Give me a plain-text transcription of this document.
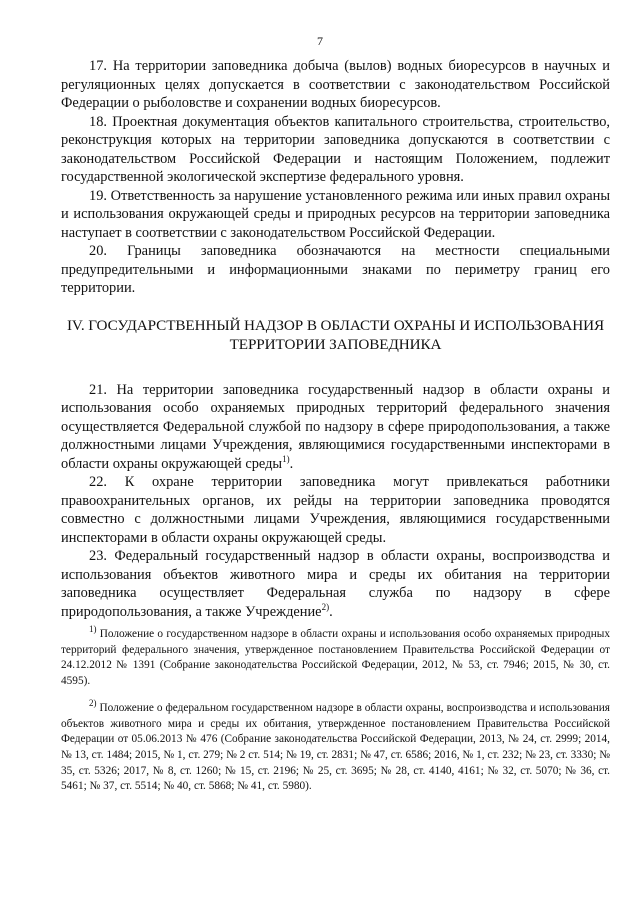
7

17. На территории заповедника добыча (вылов) водных биоресурсов в научных и регуляционных целях допускается в соответствии с законодательством Российской Федерации о рыболовстве и сохранении водных биоресурсов.

18. Проектная документация объектов капитального строительства, строительство, реконструкция которых на территории заповедника допускаются в соответствии с законодательством Российской Федерации и настоящим Положением, подлежит государственной экологической экспертизе федерального уровня.

19. Ответственность за нарушение установленного режима или иных правил охраны и использования окружающей среды и природных ресурсов на территории заповедника наступает в соответствии с законодательством Российской Федерации.

20. Границы заповедника обозначаются на местности специальными предупредительными и информационными знаками по периметру границ его территории.

IV. ГОСУДАРСТВЕННЫЙ НАДЗОР В ОБЛАСТИ ОХРАНЫ И ИСПОЛЬЗОВАНИЯ
ТЕРРИТОРИИ ЗАПОВЕДНИКА

21. На территории заповедника государственный надзор в области охраны и использования особо охраняемых природных территорий федерального значения осуществляется Федеральной службой по надзору в сфере природопользования, а также должностными лицами Учреждения, являющимися государственными инспекторами в области охраны окружающей среды$^{1)}$.

22. К охране территории заповедника могут привлекаться работники правоохранительных органов, их рейды на территории заповедника проводятся совместно с должностными лицами Учреждения, являющимися государственными инспекторами в области охраны окружающей среды.

23. Федеральный государственный надзор в области охраны, воспроизводства и использования объектов животного мира и среды их обитания на территории заповедника осуществляет Федеральная служба по надзору в сфере природопользования, а также Учреждение$^{2)}$.

$^{1)}$ Положение о государственном надзоре в области охраны и использования особо охраняемых природных территорий федерального значения, утвержденное постановлением Правительства Российской Федерации от 24.12.2012 № 1391 (Собрание законодательства Российской Федерации, 2012, № 53, ст. 7946; 2015, № 30, ст. 4595).

$^{2)}$ Положение о федеральном государственном надзоре в области охраны, воспроизводства и использования объектов животного мира и среды их обитания, утвержденное постановлением Правительства Российской Федерации от 05.06.2013 № 476 (Собрание законодательства Российской Федерации, 2013, № 24, ст. 2999; 2014, № 13, ст. 1484; 2015, № 1, ст. 279; № 2 ст. 514; № 19, ст. 2831; № 47, ст. 6586; 2016, № 1, ст. 232; № 23, ст. 3330; № 35, ст. 5326; 2017, № 8, ст. 1260; № 15, ст. 2196; № 25, ст. 3695; № 28, ст. 4140, 4161; № 32, ст. 5070; № 36, ст. 5461; № 37, ст. 5514; № 40, ст. 5868; № 41, ст. 5980).
